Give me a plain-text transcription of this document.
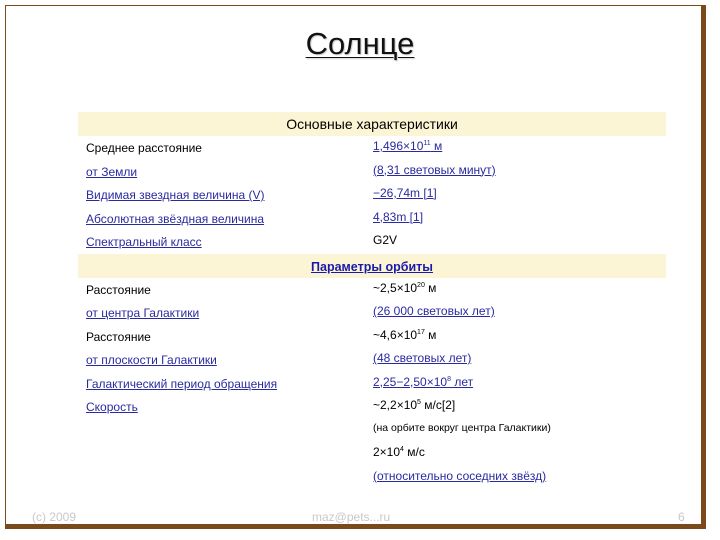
Солнце
Основные характеристики
Среднее расстояние	$1,496\times 10^{11}$ м
от Земли	(8,31 световых минут)
Видимая звездная величина (V)	−26,74m [1]
Абсолютная звёздная величина	4,83m [1]
Спектральный класс	G2V
Параметры орбиты
Расстояние	$\sim 2,5\times 10^{20}$ м
от центра Галактики	(26 000 световых лет)
Расстояние	$\sim 4,6\times 10^{17}$ м
от плоскости Галактики	(48 световых лет)
Галактический период обращения	$2,25-2,50\times 10^8$ лет
Скорость	$\sim 2,2\times 10^5$ м/с[2]
(на орбите вокруг центра Галактики)
$2\times 10^4$ м/с
(относительно соседних звёзд)
(c) 2009	maz@pets...ru	6
